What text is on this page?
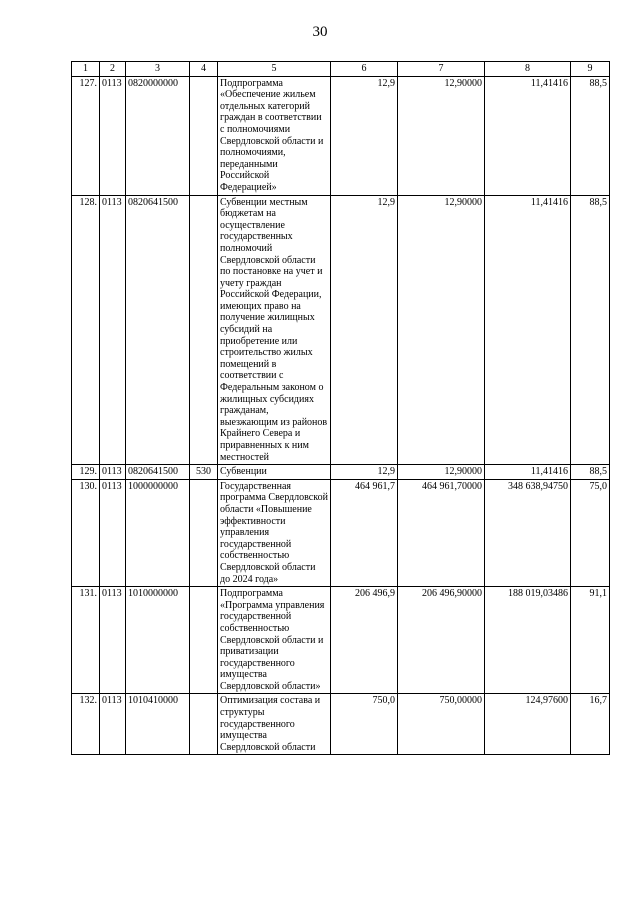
30
1	2	3	4	5	6	7	8	9
127.	0113	0820000000		Подпрограмма «Обеспечение жильем отдельных категорий граждан в соответствии с полномочиями Свердловской области и полномочиями, переданными Российской Федерацией»	12,9	12,90000	11,41416	88,5
128.	0113	0820641500		Субвенции местным бюджетам на осуществление государственных полномочий Свердловской области по постановке на учет и учету граждан Российской Федерации, имеющих право на получение жилищных субсидий на приобретение или строительство жилых помещений в соответствии с Федеральным законом о жилищных субсидиях гражданам, выезжающим из районов Крайнего Севера и приравненных к ним местностей	12,9	12,90000	11,41416	88,5
129.	0113	0820641500	530	Субвенции	12,9	12,90000	11,41416	88,5
130.	0113	1000000000		Государственная программа Свердловской области «Повышение эффективности управления государственной собственностью Свердловской области до 2024 года»	464 961,7	464 961,70000	348 638,94750	75,0
131.	0113	1010000000		Подпрограмма «Программа управления государственной собственностью Свердловской области и приватизации государственного имущества Свердловской области»	206 496,9	206 496,90000	188 019,03486	91,1
132.	0113	1010410000		Оптимизация состава и структуры государственного имущества Свердловской области	750,0	750,00000	124,97600	16,7
